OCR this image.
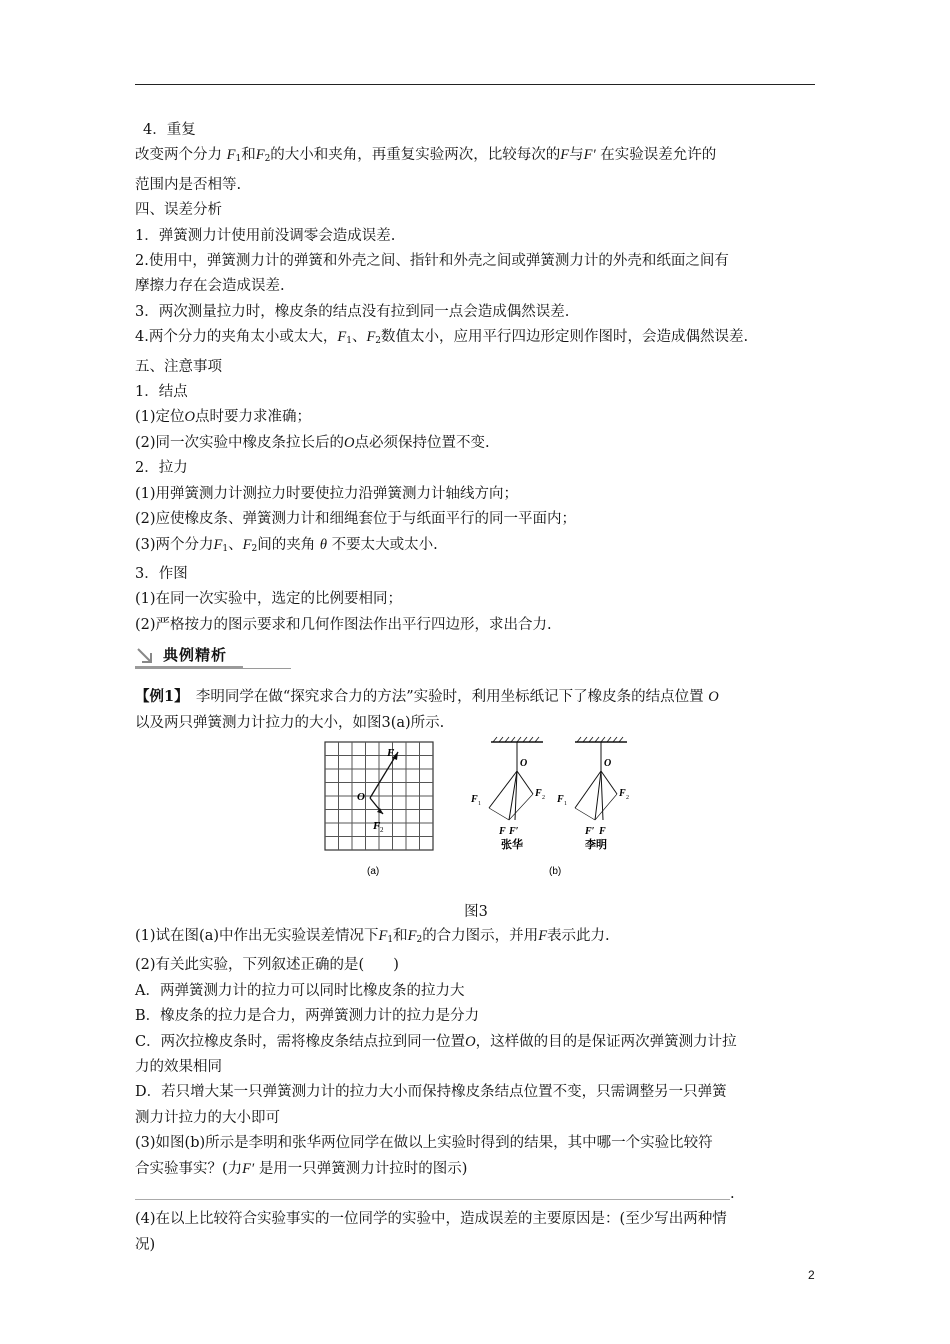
4．重复
改变两个分力 $F_1$和$F_2$的大小和夹角，再重复实验两次，比较每次的F与F′ 在实验误差允许的
范围内是否相等.
四、误差分析
1．弹簧测力计使用前没调零会造成误差.
2.使用中，弹簧测力计的弹簧和外壳之间、指针和外壳之间或弹簧测力计的外壳和纸面之间有
摩擦力存在会造成误差.
3．两次测量拉力时，橡皮条的结点没有拉到同一点会造成偶然误差.
4.两个分力的夹角太小或太大，$F_1$、$F_2$数值太小，应用平行四边形定则作图时，会造成偶然误差.
五、注意事项
1．结点
(1)定位O点时要力求准确；
(2)同一次实验中橡皮条拉长后的O点必须保持位置不变.
2．拉力
(1)用弹簧测力计测拉力时要使拉力沿弹簧测力计轴线方向；
(2)应使橡皮条、弹簧测力计和细绳套位于与纸面平行的同一平面内；
(3)两个分力$F_1$、$F_2$间的夹角 θ 不要太大或太小.
3．作图
(1)在同一次实验中，选定的比例要相同；
(2)严格按力的图示要求和几何作图法作出平行四边形，求出合力.
典例精析
【例1】　 李明同学在做“探究求合力的方法”实验时，利用坐标纸记下了橡皮条的结点位置 O
以及两只弹簧测力计拉力的大小，如图3(a)所示.
F 1
O
F 2
(a)
O
F 1
F 2
F F′
张华
O
F 1
F 2
F′ F
李明
(b)
图3
(1)试在图(a)中作出无实验误差情况下$F_1$和$F_2$的合力图示，并用F表示此力.
(2)有关此实验，下列叙述正确的是(　　)
A．两弹簧测力计的拉力可以同时比橡皮条的拉力大
B．橡皮条的拉力是合力，两弹簧测力计的拉力是分力
C．两次拉橡皮条时，需将橡皮条结点拉到同一位置O，这样做的目的是保证两次弹簧测力计拉
力的效果相同
D．若只增大某一只弹簧测力计的拉力大小而保持橡皮条结点位置不变，只需调整另一只弹簧
测力计拉力的大小即可
(3)如图(b)所示是李明和张华两位同学在做以上实验时得到的结果，其中哪一个实验比较符
合实验事实？(力F′ 是用一只弹簧测力计拉时的图示)
.
(4)在以上比较符合实验事实的一位同学的实验中，造成误差的主要原因是：(至少写出两种情
况)
2
